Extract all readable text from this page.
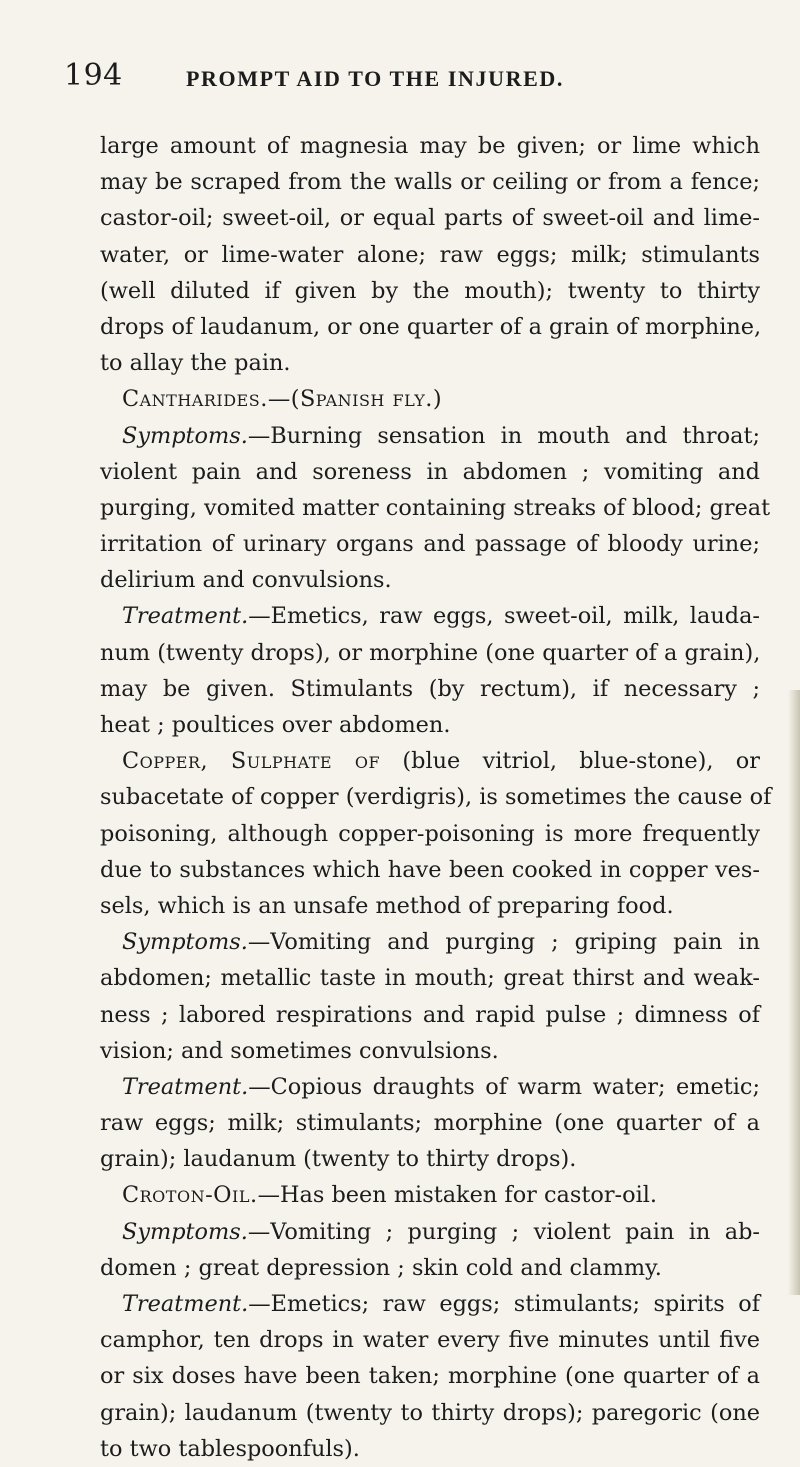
194	PROMPT AID TO THE INJURED.
large amount of magnesia may be given; or lime which
may be scraped from the walls or ceiling or from a fence;
castor-oil; sweet-oil, or equal parts of sweet-oil and lime-
water, or lime-water alone; raw eggs; milk; stimulants
(well diluted if given by the mouth); twenty to thirty
drops of laudanum, or one quarter of a grain of morphine,
to allay the pain.
Cantharides.—(Spanish fly.)
Symptoms.—Burning sensation in mouth and throat;
violent pain and soreness in abdomen ; vomiting and
purging, vomited matter containing streaks of blood; great
irritation of urinary organs and passage of bloody urine;
delirium and convulsions.
Treatment.—Emetics, raw eggs, sweet-oil, milk, lauda-
num (twenty drops), or morphine (one quarter of a grain),
may be given. Stimulants (by rectum), if necessary ;
heat ; poultices over abdomen.
Copper, Sulphate of (blue vitriol, blue-stone), or
subacetate of copper (verdigris), is sometimes the cause of
poisoning, although copper-poisoning is more frequently
due to substances which have been cooked in copper ves-
sels, which is an unsafe method of preparing food.
Symptoms.—Vomiting and purging ; griping pain in
abdomen; metallic taste in mouth; great thirst and weak-
ness ; labored respirations and rapid pulse ; dimness of
vision; and sometimes convulsions.
Treatment.—Copious draughts of warm water; emetic;
raw eggs; milk; stimulants; morphine (one quarter of a
grain); laudanum (twenty to thirty drops).
Croton-Oil.—Has been mistaken for castor-oil.
Symptoms.—Vomiting ; purging ; violent pain in ab-
domen ; great depression ; skin cold and clammy.
Treatment.—Emetics; raw eggs; stimulants; spirits of
camphor, ten drops in water every five minutes until five
or six doses have been taken; morphine (one quarter of a
grain); laudanum (twenty to thirty drops); paregoric (one
to two tablespoonfuls).
